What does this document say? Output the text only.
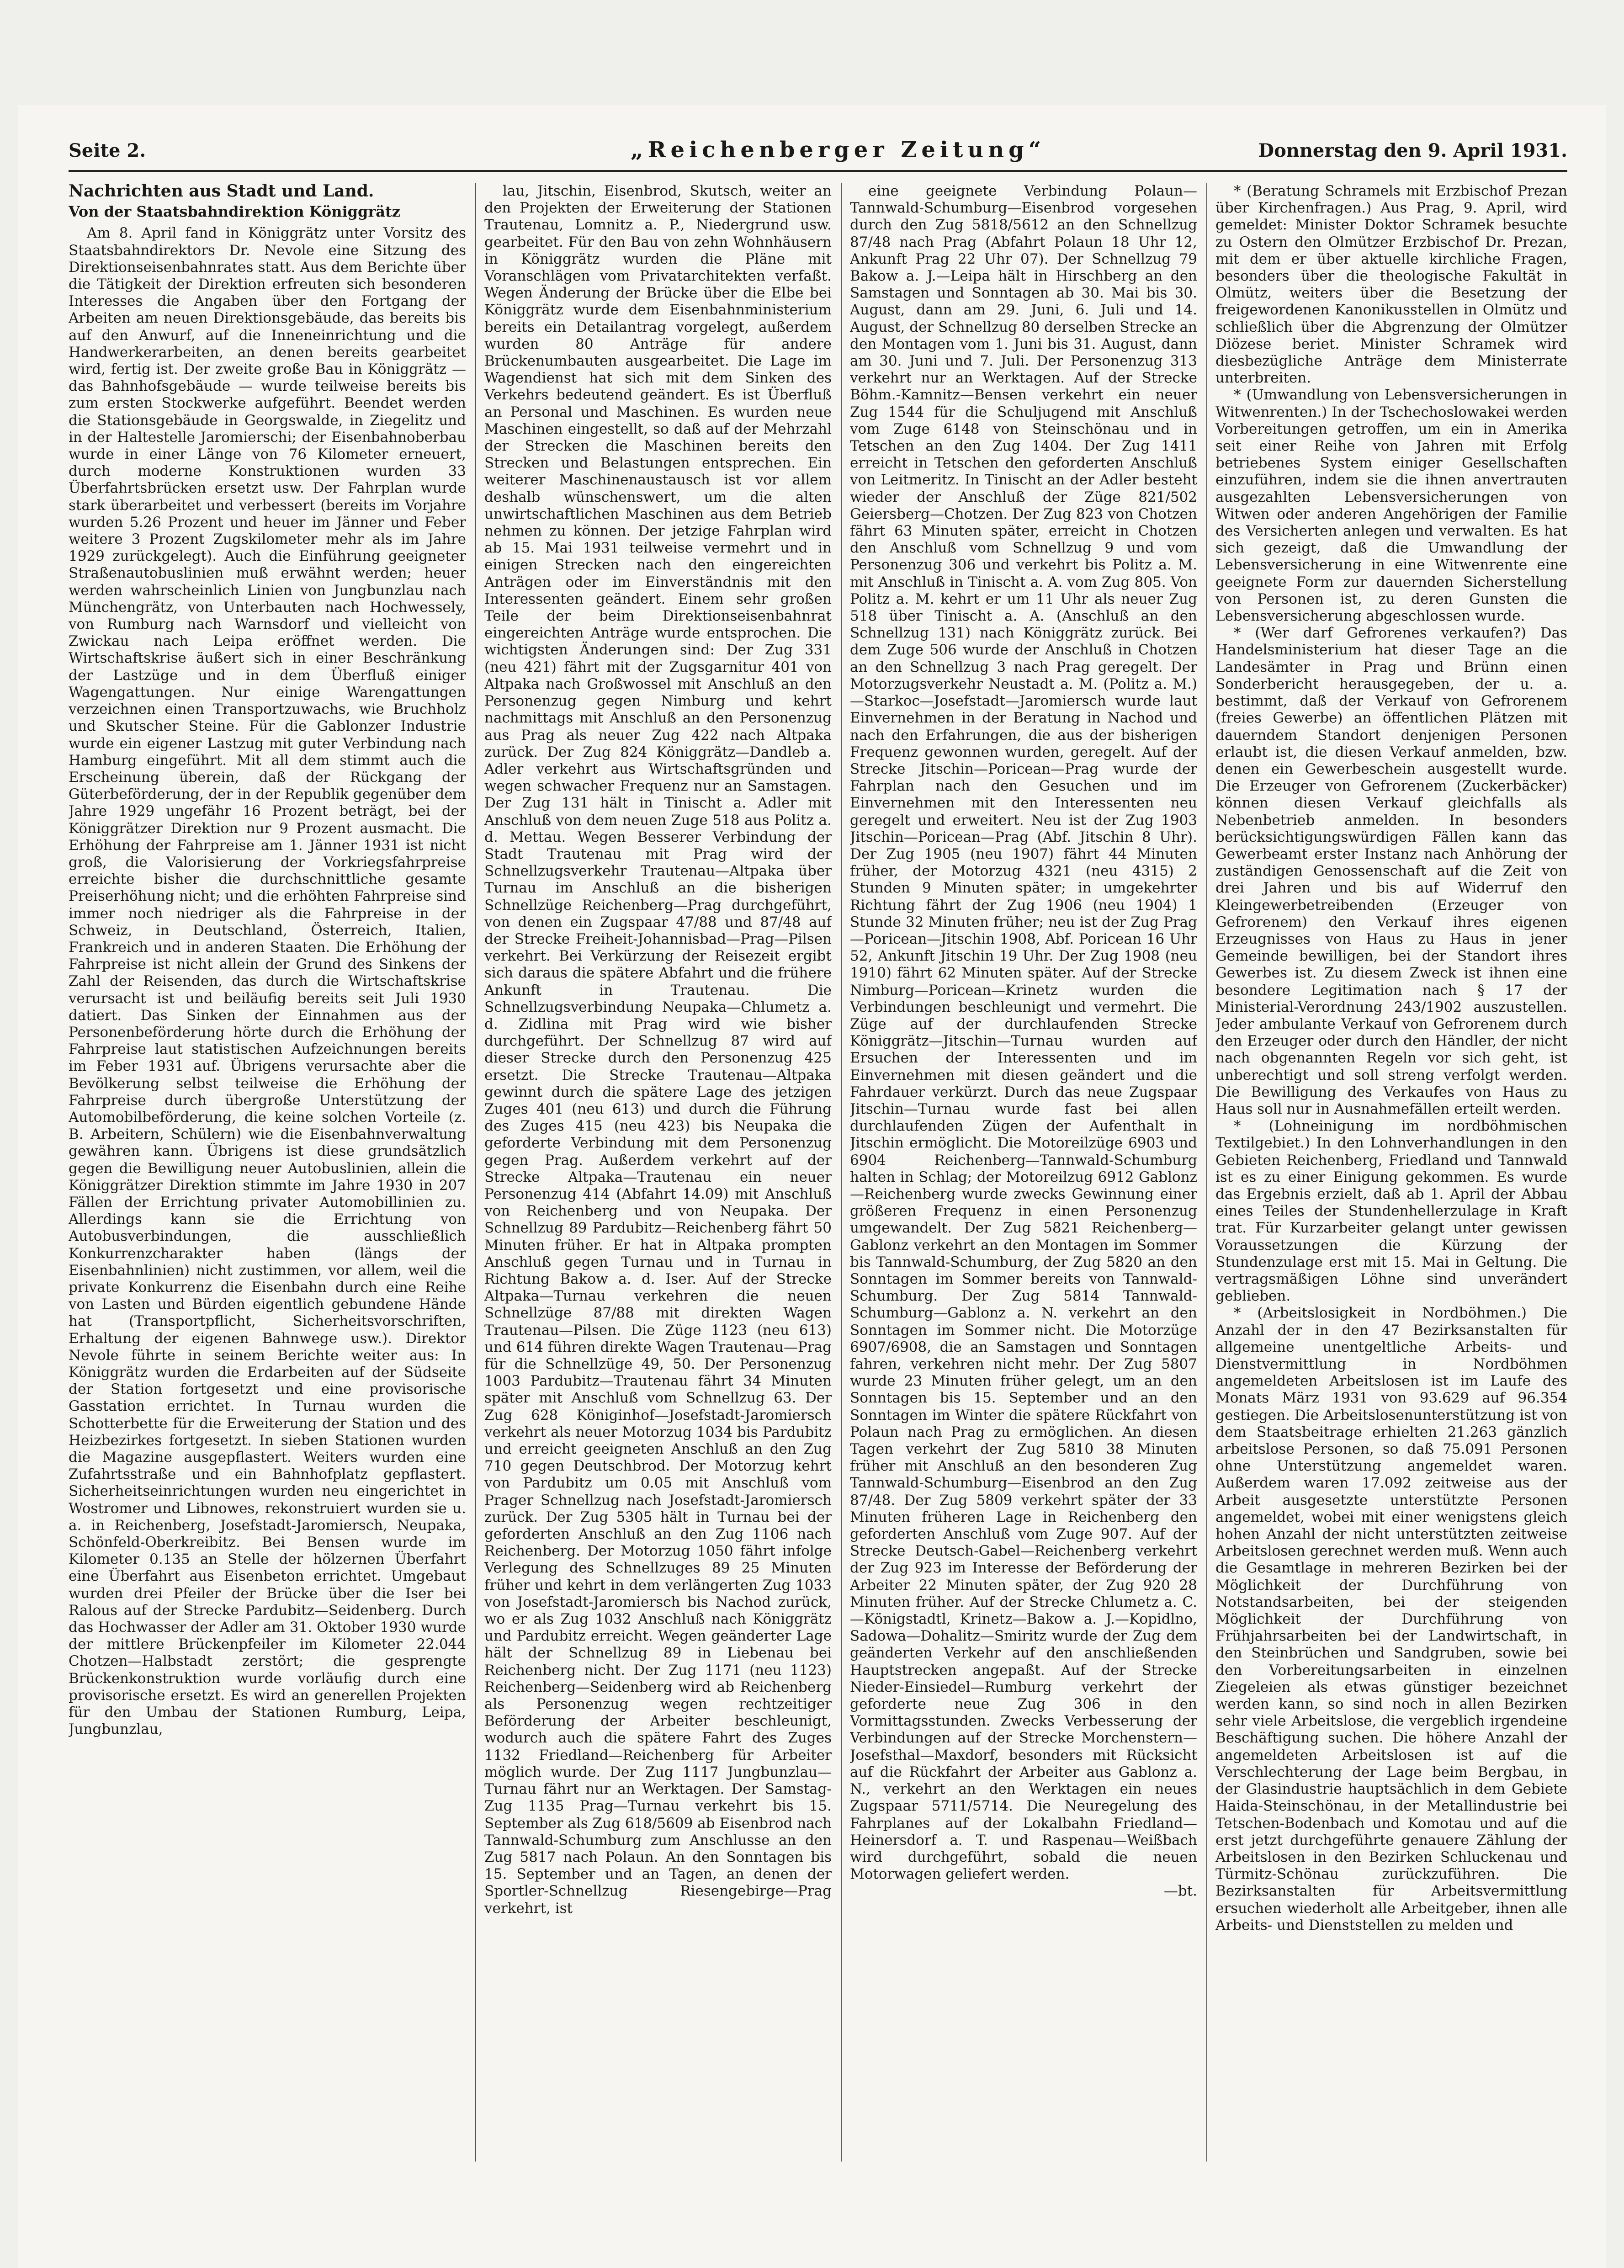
Seite 2.	„Reichenberger Zeitung“	Donnerstag den 9. April 1931.

Nachrichten aus Stadt und Land.

Von der Staatsbahndirektion Königgrätz

Am 8. April fand in Königgrätz unter Vorsitz des Staatsbahndirektors Dr. Nevole eine Sitzung des Direktionseisenbahnrates statt. Aus dem Berichte über die Tätigkeit der Direktion erfreuten sich besonderen Interesses die Angaben über den Fortgang der Arbeiten am neuen Direktionsgebäude, das bereits bis auf den Anwurf, auf die Inneneinrichtung und die Handwerkerarbeiten, an denen bereits gearbeitet wird, fertig ist. Der zweite große Bau in Königgrätz — das Bahnhofsgebäude — wurde teilweise bereits bis zum ersten Stockwerke aufgeführt. Beendet werden die Stationsgebäude in Georgswalde, in Ziegelitz und in der Haltestelle Jaromierschi; der Eisenbahnoberbau wurde in einer Länge von 76 Kilometer erneuert, durch moderne Konstruktionen wurden 33 Überfahrtsbrücken ersetzt usw. Der Fahrplan wurde stark überarbeitet und verbessert (bereits im Vorjahre wurden 5.26 Prozent und heuer im Jänner und Feber weitere 3 Prozent Zugskilometer mehr als im Jahre 1929 zurückgelegt). Auch die Einführung geeigneter Straßenautobuslinien muß erwähnt werden; heuer werden wahrscheinlich Linien von Jungbunzlau nach Münchengrätz, von Unterbauten nach Hochwessely, von Rumburg nach Warnsdorf und vielleicht von Zwickau nach Leipa eröffnet werden. Die Wirtschaftskrise äußert sich in einer Beschränkung der Lastzüge und in dem Überfluß einiger Wagengattungen. Nur einige Warengattungen verzeichnen einen Transportzuwachs, wie Bruchholz und Skutscher Steine. Für die Gablonzer Industrie wurde ein eigener Lastzug mit guter Verbindung nach Hamburg eingeführt. Mit all dem stimmt auch die Erscheinung überein, daß der Rückgang der Güterbeförderung, der in der Republik gegenüber dem Jahre 1929 ungefähr 16 Prozent beträgt, bei der Königgrätzer Direktion nur 9 Prozent ausmacht. Die Erhöhung der Fahrpreise am 1. Jänner 1931 ist nicht groß, die Valorisierung der Vorkriegsfahrpreise erreichte bisher die durchschnittliche gesamte Preiserhöhung nicht; und die erhöhten Fahrpreise sind immer noch niedriger als die Fahrpreise in der Schweiz, in Deutschland, Österreich, Italien, Frankreich und in anderen Staaten. Die Erhöhung der Fahrpreise ist nicht allein der Grund des Sinkens der Zahl der Reisenden, das durch die Wirtschaftskrise verursacht ist und beiläufig bereits seit Juli 1930 datiert. Das Sinken der Einnahmen aus der Personenbeförderung hörte durch die Erhöhung der Fahrpreise laut statistischen Aufzeichnungen bereits im Feber 1931 auf. Übrigens verursachte aber die Bevölkerung selbst teilweise die Erhöhung der Fahrpreise durch übergroße Unterstützung der Automobilbeförderung, die keine solchen Vorteile (z. B. Arbeitern, Schülern) wie die Eisenbahnverwaltung gewähren kann. Übrigens ist diese grundsätzlich gegen die Bewilligung neuer Autobuslinien, allein die Königgrätzer Direktion stimmte im Jahre 1930 in 207 Fällen der Errichtung privater Automobillinien zu. Allerdings kann sie die Errichtung von Autobusverbindungen, die ausschließlich Konkurrenzcharakter haben (längs der Eisenbahnlinien) nicht zustimmen, vor allem, weil die private Konkurrenz die Eisenbahn durch eine Reihe von Lasten und Bürden eigentlich gebundene Hände hat (Transportpflicht, Sicherheitsvorschriften, Erhaltung der eigenen Bahnwege usw.). Direktor Nevole führte in seinem Berichte weiter aus: In Königgrätz wurden die Erdarbeiten auf der Südseite der Station fortgesetzt und eine provisorische Gasstation errichtet. In Turnau wurden die Schotterbette für die Erweiterung der Station und des Heizbezirkes fortgesetzt. In sieben Stationen wurden die Magazine ausgepflastert. Weiters wurden eine Zufahrtsstraße und ein Bahnhofplatz gepflastert. Sicherheitseinrichtungen wurden neu eingerichtet in Wostromer und Libnowes, rekonstruiert wurden sie u. a. in Reichenberg, Josefstadt-Jaromiersch, Neupaka, Schönfeld-Oberkreibitz. Bei Bensen wurde im Kilometer 0.135 an Stelle der hölzernen Überfahrt eine Überfahrt aus Eisenbeton errichtet. Umgebaut wurden drei Pfeiler der Brücke über die Iser bei Ralous auf der Strecke Pardubitz—Seidenberg. Durch das Hochwasser der Adler am 31. Oktober 1930 wurde der mittlere Brückenpfeiler im Kilometer 22.044 Chotzen—Halbstadt zerstört; die gesprengte Brückenkonstruktion wurde vorläufig durch eine provisorische ersetzt. Es wird an generellen Projekten für den Umbau der Stationen Rumburg, Leipa, Jungbunzlau,

lau, Jitschin, Eisenbrod, Skutsch, weiter an den Projekten der Erweiterung der Stationen Trautenau, Lomnitz a. P., Niedergrund usw. gearbeitet. Für den Bau von zehn Wohnhäusern in Königgrätz wurden die Pläne mit Voranschlägen vom Privatarchitekten verfaßt. Wegen Änderung der Brücke über die Elbe bei Königgrätz wurde dem Eisenbahnministerium bereits ein Detailantrag vorgelegt, außerdem wurden 80 Anträge für andere Brückenumbauten ausgearbeitet. Die Lage im Wagendienst hat sich mit dem Sinken des Verkehrs bedeutend geändert. Es ist Überfluß an Personal und Maschinen. Es wurden neue Maschinen eingestellt, so daß auf der Mehrzahl der Strecken die Maschinen bereits den Strecken und Belastungen entsprechen. Ein weiterer Maschinenaustausch ist vor allem deshalb wünschenswert, um die alten unwirtschaftlichen Maschinen aus dem Betrieb nehmen zu können. Der jetzige Fahrplan wird ab 15. Mai 1931 teilweise vermehrt und in einigen Strecken nach den eingereichten Anträgen oder im Einverständnis mit den Interessenten geändert. Einem sehr großen Teile der beim Direktionseisenbahnrat eingereichten Anträge wurde entsprochen. Die wichtigsten Änderungen sind: Der Zug 331 (neu 421) fährt mit der Zugsgarnitur 401 von Altpaka nach Großwossel mit Anschluß an den Personenzug gegen Nimburg und kehrt nachmittags mit Anschluß an den Personenzug aus Prag als neuer Zug 422 nach Altpaka zurück. Der Zug 824 Königgrätz—Dandleb a. Adler verkehrt aus Wirtschaftsgründen und wegen schwacher Frequenz nur an Samstagen. Der Zug 131 hält in Tinischt a. Adler mit Anschluß von dem neuen Zuge 518 aus Politz a. d. Mettau. Wegen Besserer Verbindung der Stadt Trautenau mit Prag wird der Schnellzugsverkehr Trautenau—Altpaka über Turnau im Anschluß an die bisherigen Schnellzüge Reichenberg—Prag durchgeführt, von denen ein Zugspaar 47/88 und 87/48 auf der Strecke Freiheit-Johannisbad—Prag—Pilsen verkehrt. Bei Verkürzung der Reisezeit ergibt sich daraus die spätere Abfahrt und die frühere Ankunft in Trautenau. Die Schnellzugsverbindung Neupaka—Chlumetz a. d. Zidlina mit Prag wird wie bisher durchgeführt. Der Schnellzug 87 wird auf dieser Strecke durch den Personenzug 425 ersetzt. Die Strecke Trautenau—Altpaka gewinnt durch die spätere Lage des jetzigen Zuges 401 (neu 613) und durch die Führung des Zuges 415 (neu 423) bis Neupaka die geforderte Verbindung mit dem Personenzug gegen Prag. Außerdem verkehrt auf der Strecke Altpaka—Trautenau ein neuer Personenzug 414 (Abfahrt 14.09) mit Anschluß von Reichenberg und von Neupaka. Der Schnellzug 89 Pardubitz—Reichenberg fährt 50 Minuten früher. Er hat in Altpaka prompten Anschluß gegen Turnau und in Turnau in Richtung Bakow a. d. Iser. Auf der Strecke Altpaka—Turnau verkehren die neuen Schnellzüge 87/88 mit direkten Wagen Trautenau—Pilsen. Die Züge 1123 (neu 613) und 614 führen direkte Wagen Trautenau—Prag für die Schnellzüge 49, 50. Der Personenzug 1003 Pardubitz—Trautenau fährt 34 Minuten später mit Anschluß vom Schnellzug 63. Der Zug 628 Königinhof—Josefstadt-Jaromiersch verkehrt als neuer Motorzug 1034 bis Pardubitz und erreicht geeigneten Anschluß an den Zug 710 gegen Deutschbrod. Der Motorzug kehrt von Pardubitz um 0.05 mit Anschluß vom Prager Schnellzug nach Josefstadt-Jaromiersch zurück. Der Zug 5305 hält in Turnau bei der geforderten Anschluß an den Zug 1106 nach Reichenberg. Der Motorzug 1050 fährt infolge Verlegung des Schnellzuges 89 25 Minuten früher und kehrt in dem verlängerten Zug 1033 von Josefstadt-Jaromiersch bis Nachod zurück, wo er als Zug 1032 Anschluß nach Königgrätz und Pardubitz erreicht. Wegen geänderter Lage hält der Schnellzug 89 in Liebenau bei Reichenberg nicht. Der Zug 1171 (neu 1123) Reichenberg—Seidenberg wird ab Reichenberg als Personenzug wegen rechtzeitiger Beförderung der Arbeiter beschleunigt, wodurch auch die spätere Fahrt des Zuges 1132 Friedland—Reichenberg für Arbeiter möglich wurde. Der Zug 1117 Jungbunzlau—Turnau fährt nur an Werktagen. Der Samstag-Zug 1135 Prag—Turnau verkehrt bis 15. September als Zug 618/5609 ab Eisenbrod nach Tannwald-Schumburg zum Anschlusse an den Zug 5817 nach Polaun. An den Sonntagen bis 15. September und an Tagen, an denen der Sportler-Schnellzug Riesengebirge—Prag verkehrt, ist

eine geeignete Verbindung Polaun—Tannwald-Schumburg—Eisenbrod vorgesehen durch den Zug 5818/5612 an den Schnellzug 87/48 nach Prag (Abfahrt Polaun 18 Uhr 12, Ankunft Prag 22 Uhr 07). Der Schnellzug 79 Bakow a. J.—Leipa hält in Hirschberg an den Samstagen und Sonntagen ab 30. Mai bis 30. August, dann am 29. Juni, 6. Juli und 14. August, der Schnellzug 80 derselben Strecke an den Montagen vom 1. Juni bis 31. August, dann am 30. Juni und 7. Juli. Der Personenzug 313 verkehrt nur an Werktagen. Auf der Strecke Böhm.-Kamnitz—Bensen verkehrt ein neuer Zug 1544 für die Schuljugend mit Anschluß vom Zuge 6148 von Steinschönau und in Tetschen an den Zug 1404. Der Zug 1411 erreicht in Tetschen den geforderten Anschluß von Leitmeritz. In Tinischt an der Adler besteht wieder der Anschluß der Züge 821/502 Geiersberg—Chotzen. Der Zug 823 von Chotzen fährt 63 Minuten später, erreicht in Chotzen den Anschluß vom Schnellzug 9 und vom Personenzug 306 und verkehrt bis Politz a. M. mit Anschluß in Tinischt a. A. vom Zug 805. Von Politz a. M. kehrt er um 11 Uhr als neuer Zug 518 über Tinischt a. A. (Anschluß an den Schnellzug 131) nach Königgrätz zurück. Bei dem Zuge 506 wurde der Anschluß in Chotzen an den Schnellzug 3 nach Prag geregelt. Der Motorzugsverkehr Neustadt a. M. (Politz a. M.)—Starkoc—Josefstadt—Jaromiersch wurde laut Einvernehmen in der Beratung in Nachod und nach den Erfahrungen, die aus der bisherigen Frequenz gewonnen wurden, geregelt. Auf der Strecke Jitschin—Poricean—Prag wurde der Fahrplan nach den Gesuchen und im Einvernehmen mit den Interessenten neu geregelt und erweitert. Neu ist der Zug 1903 Jitschin—Poricean—Prag (Abf. Jitschin 8 Uhr). Der Zug 1905 (neu 1907) fährt 44 Minuten früher, der Motorzug 4321 (neu 4315) 2 Stunden 9 Minuten später; in umgekehrter Richtung fährt der Zug 1906 (neu 1904) 1 Stunde 32 Minuten früher; neu ist der Zug Prag—Poricean—Jitschin 1908, Abf. Poricean 16 Uhr 52, Ankunft Jitschin 19 Uhr. Der Zug 1908 (neu 1910) fährt 62 Minuten später. Auf der Strecke Nimburg—Poricean—Krinetz wurden die Verbindungen beschleunigt und vermehrt. Die Züge auf der durchlaufenden Strecke Königgrätz—Jitschin—Turnau wurden auf Ersuchen der Interessenten und im Einvernehmen mit diesen geändert und die Fahrdauer verkürzt. Durch das neue Zugspaar Jitschin—Turnau wurde fast bei allen durchlaufenden Zügen der Aufenthalt in Jitschin ermöglicht. Die Motoreilzüge 6903 und 6904 Reichenberg—Tannwald-Schumburg halten in Schlag; der Motoreilzug 6912 Gablonz—Reichenberg wurde zwecks Gewinnung einer größeren Frequenz in einen Personenzug umgewandelt. Der Zug 5821 Reichenberg—Gablonz verkehrt an den Montagen im Sommer bis Tannwald-Schumburg, der Zug 5820 an den Sonntagen im Sommer bereits von Tannwald-Schumburg. Der Zug 5814 Tannwald-Schumburg—Gablonz a. N. verkehrt an den Sonntagen im Sommer nicht. Die Motorzüge 6907/6908, die an Samstagen und Sonntagen fahren, verkehren nicht mehr. Der Zug 5807 wurde 23 Minuten früher gelegt, um an den Sonntagen bis 15. September und an den Sonntagen im Winter die spätere Rückfahrt von Polaun nach Prag zu ermöglichen. An diesen Tagen verkehrt der Zug 5810 38 Minuten früher mit Anschluß an den besonderen Zug Tannwald-Schumburg—Eisenbrod an den Zug 87/48. Der Zug 5809 verkehrt später der 33 Minuten früheren Lage in Reichenberg den geforderten Anschluß vom Zuge 907. Auf der Strecke Deutsch-Gabel—Reichenberg verkehrt der Zug 923 im Interesse der Beförderung der Arbeiter 22 Minuten später, der Zug 920 28 Minuten früher. Auf der Strecke Chlumetz a. C.—Königstadtl, Krinetz—Bakow a. J.—Kopidlno, Sadowa—Dohalitz—Smiritz wurde der Zug dem geänderten Verkehr auf den anschließenden Hauptstrecken angepaßt. Auf der Strecke Nieder-Einsiedel—Rumburg verkehrt der geforderte neue Zug 306 in den Vormittagsstunden. Zwecks Verbesserung der Verbindungen auf der Strecke Morchenstern—Josefsthal—Maxdorf, besonders mit Rücksicht auf die Rückfahrt der Arbeiter aus Gablonz a. N., verkehrt an den Werktagen ein neues Zugspaar 5711/5714. Die Neuregelung des Fahrplanes auf der Lokalbahn Friedland—Heinersdorf a. T. und Raspenau—Weißbach wird durchgeführt, sobald die neuen Motorwagen geliefert werden.

—bt.

* (Beratung Schramels mit Erzbischof Prezan über Kirchenfragen.) Aus Prag, 9. April, wird gemeldet: Minister Doktor Schramek besuchte zu Ostern den Olmützer Erzbischof Dr. Prezan, mit dem er über aktuelle kirchliche Fragen, besonders über die theologische Fakultät in Olmütz, weiters über die Besetzung der freigewordenen Kanonikusstellen in Olmütz und schließlich über die Abgrenzung der Olmützer Diözese beriet. Minister Schramek wird diesbezügliche Anträge dem Ministerrate unterbreiten.

* (Umwandlung von Lebensversicherungen in Witwenrenten.) In der Tschechoslowakei werden Vorbereitungen getroffen, um ein in Amerika seit einer Reihe von Jahren mit Erfolg betriebenes System einiger Gesellschaften einzuführen, indem sie die ihnen anvertrauten ausgezahlten Lebensversicherungen von Witwen oder anderen Angehörigen der Familie des Versicherten anlegen und verwalten. Es hat sich gezeigt, daß die Umwandlung der Lebensversicherung in eine Witwenrente eine geeignete Form zur dauernden Sicherstellung von Personen ist, zu deren Gunsten die Lebensversicherung abgeschlossen wurde.

* (Wer darf Gefrorenes verkaufen?) Das Handelsministerium hat dieser Tage an die Landesämter in Prag und Brünn einen Sonderbericht herausgegeben, der u. a. bestimmt, daß der Verkauf von Gefrorenem (freies Gewerbe) an öffentlichen Plätzen mit dauerndem Standort denjenigen Personen erlaubt ist, die diesen Verkauf anmelden, bzw. denen ein Gewerbeschein ausgestellt wurde. Die Erzeuger von Gefrorenem (Zuckerbäcker) können diesen Verkauf gleichfalls als Nebenbetrieb anmelden. In besonders berücksichtigungswürdigen Fällen kann das Gewerbeamt erster Instanz nach Anhörung der zuständigen Genossenschaft auf die Zeit von drei Jahren und bis auf Widerruf den Kleingewerbetreibenden (Erzeuger von Gefrorenem) den Verkauf ihres eigenen Erzeugnisses von Haus zu Haus in jener Gemeinde bewilligen, bei der Standort ihres Gewerbes ist. Zu diesem Zweck ist ihnen eine besondere Legitimation nach § 17 der Ministerial-Verordnung 243/1902 auszustellen. Jeder ambulante Verkauf von Gefrorenem durch den Erzeuger oder durch den Händler, der nicht nach obgenannten Regeln vor sich geht, ist unberechtigt und soll streng verfolgt werden. Die Bewilligung des Verkaufes von Haus zu Haus soll nur in Ausnahmefällen erteilt werden.

* (Lohneinigung im nordböhmischen Textilgebiet.) In den Lohnverhandlungen in den Gebieten Reichenberg, Friedland und Tannwald ist es zu einer Einigung gekommen. Es wurde das Ergebnis erzielt, daß ab 1. April der Abbau eines Teiles der Stundenhellerzulage in Kraft trat. Für Kurzarbeiter gelangt unter gewissen Voraussetzungen die Kürzung der Stundenzulage erst mit 15. Mai in Geltung. Die vertragsmäßigen Löhne sind unverändert geblieben.

* (Arbeitslosigkeit in Nordböhmen.) Die Anzahl der in den 47 Bezirksanstalten für allgemeine unentgeltliche Arbeits- und Dienstvermittlung in Nordböhmen angemeldeten Arbeitslosen ist im Laufe des Monats März 1931 von 93.629 auf 96.354 gestiegen. Die Arbeitslosenunterstützung ist von dem Staatsbeitrage erhielten 21.263 gänzlich arbeitslose Personen, so daß 75.091 Personen ohne Unterstützung angemeldet waren. Außerdem waren 17.092 zeitweise aus der Arbeit ausgesetzte unterstützte Personen angemeldet, wobei mit einer wenigstens gleich hohen Anzahl der nicht unterstützten zeitweise Arbeitslosen gerechnet werden muß. Wenn auch die Gesamtlage in mehreren Bezirken bei der Möglichkeit der Durchführung von Notstandsarbeiten, bei der steigenden Möglichkeit der Durchführung von Frühjahrsarbeiten bei der Landwirtschaft, in den Steinbrüchen und Sandgruben, sowie bei den Vorbereitungsarbeiten in einzelnen Ziegeleien als etwas günstiger bezeichnet werden kann, so sind noch in allen Bezirken sehr viele Arbeitslose, die vergeblich irgendeine Beschäftigung suchen. Die höhere Anzahl der angemeldeten Arbeitslosen ist auf die Verschlechterung der Lage beim Bergbau, in der Glasindustrie hauptsächlich in dem Gebiete Haida-Steinschönau, in der Metallindustrie bei Tetschen-Bodenbach und Komotau und auf die erst jetzt durchgeführte genauere Zählung der Arbeitslosen in den Bezirken Schluckenau und Türmitz-Schönau zurückzuführen. Die Bezirksanstalten für Arbeitsvermittlung ersuchen wiederholt alle Arbeitgeber, ihnen alle Arbeits- und Dienststellen zu melden und
